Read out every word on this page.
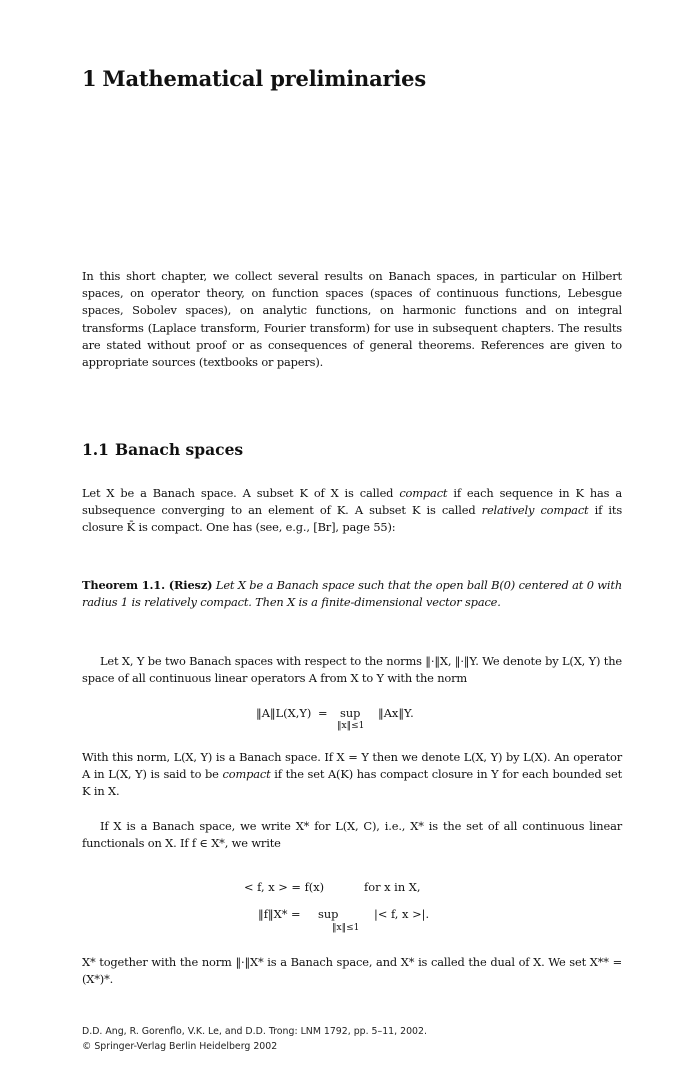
1 Mathematical preliminaries

In this short chapter, we collect several results on Banach spaces, in particular on Hilbert spaces, on operator theory, on function spaces (spaces of continuous functions, Lebesgue spaces, Sobolev spaces), on analytic functions, on harmonic functions and on integral transforms (Laplace transform, Fourier transform) for use in subsequent chapters. The results are stated without proof or as consequences of general theorems. References are given to appropriate sources (textbooks or papers).

1.1 Banach spaces

Let X be a Banach space. A subset K of X is called compact if each sequence in K has a subsequence converging to an element of K. A subset K is called relatively compact if its closure K̄ is compact. One has (see, e.g., [Br], page 55):

Theorem 1.1. (Riesz) Let X be a Banach space such that the open ball B(0) centered at 0 with radius 1 is relatively compact. Then X is a finite-dimensional vector space.

Let X, Y be two Banach spaces with respect to the norms ‖·‖X, ‖·‖Y. We denote by L(X, Y) the space of all continuous linear operators A from X to Y with the norm

‖A‖L(X,Y) = sup ‖Ax‖Y.
‖x‖≤1

With this norm, L(X, Y) is a Banach space. If X = Y then we denote L(X, Y) by L(X). An operator A in L(X, Y) is said to be compact if the set A(K) has compact closure in Y for each bounded set K in X.

If X is a Banach space, we write X* for L(X, C), i.e., X* is the set of all continuous linear functionals on X. If f ∈ X*, we write

< f, x > = f(x)	for x in X,
‖f‖X* = sup	|< f, x >|.
‖x‖≤1

X* together with the norm ‖·‖X* is a Banach space, and X* is called the dual of X. We set X** = (X*)*.

D.D. Ang, R. Gorenflo, V.K. Le, and D.D. Trong: LNM 1792, pp. 5–11, 2002.
© Springer-Verlag Berlin Heidelberg 2002
